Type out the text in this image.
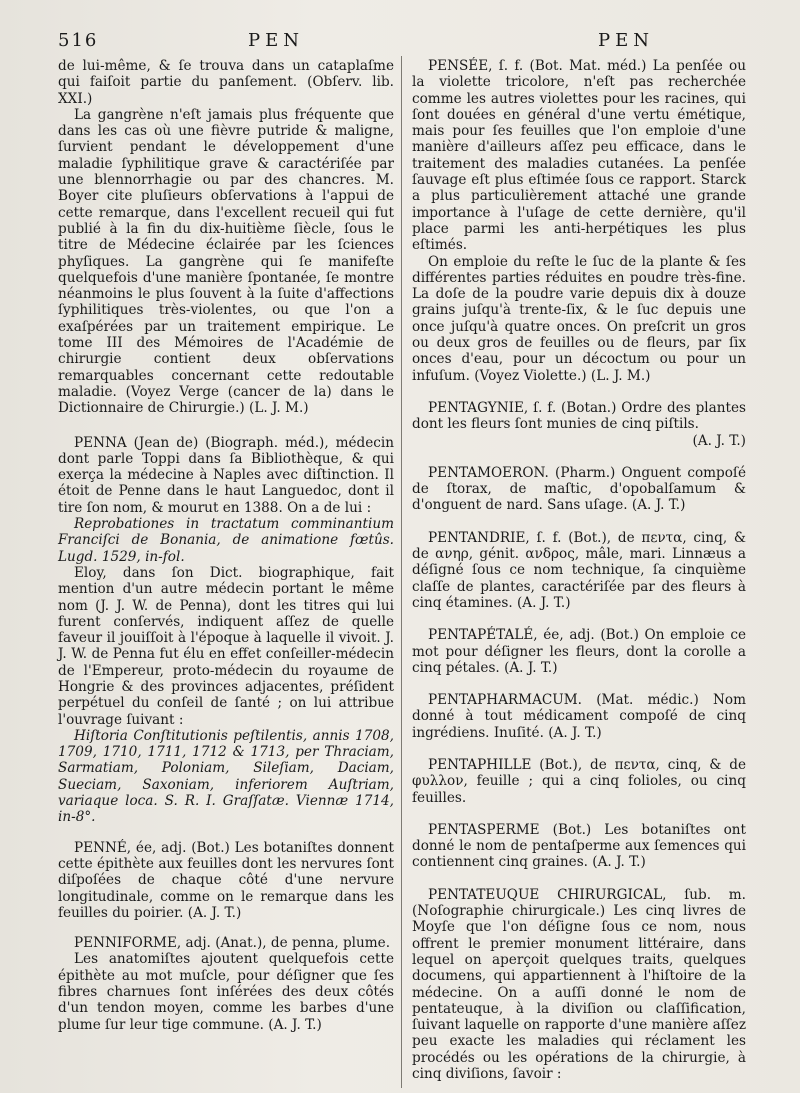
516	PEN	PEN

de lui-même, & ſe trouva dans un cataplaſme qui faiſoit partie du panſement. (Obſerv. lib. XXI.)

La gangrène n'eſt jamais plus fréquente que dans les cas où une fièvre putride & maligne, ſurvient pendant le développement d'une maladie ſyphilitique grave & caractériſée par une blennorrhagie ou par des chancres. M. Boyer cite pluſieurs obſervations à l'appui de cette remarque, dans l'excellent recueil qui fut publié à la fin du dix-huitième ſiècle, ſous le titre de Médecine éclairée par les ſciences phyſiques. La gangrène qui ſe manifeſte quelquefois d'une manière ſpontanée, ſe montre néanmoins le plus ſouvent à la ſuite d'affections ſyphilitiques très-violentes, ou que l'on a exaſpérées par un traitement empirique. Le tome III des Mémoires de l'Académie de chirurgie contient deux obſervations remarquables concernant cette redoutable maladie. (Voyez Verge (cancer de la) dans le Dictionnaire de Chirurgie.) (L. J. M.)

PENNA (Jean de) (Biograph. méd.), médecin dont parle Toppi dans ſa Bibliothèque, & qui exerça la médecine à Naples avec diſtinction. Il étoit de Penne dans le haut Languedoc, dont il tire ſon nom, & mourut en 1388. On a de lui :

Reprobationes in tractatum comminantium Franciſci de Bonania, de animatione fœtûs. Lugd. 1529, in-fol.

Eloy, dans ſon Dict. biographique, fait mention d'un autre médecin portant le même nom (J. J. W. de Penna), dont les titres qui lui furent conſervés, indiquent aſſez de quelle faveur il jouiſſoit à l'époque à laquelle il vivoit. J. J. W. de Penna fut élu en effet conſeiller-médecin de l'Empereur, proto-médecin du royaume de Hongrie & des provinces adjacentes, préſident perpétuel du conſeil de ſanté ; on lui attribue l'ouvrage ſuivant :

Hiſtoria Conſtitutionis peſtilentis, annis 1708, 1709, 1710, 1711, 1712 & 1713, per Thraciam, Sarmatiam, Poloniam, Sileſiam, Daciam, Sueciam, Saxoniam, inferiorem Auſtriam, variaque loca. S. R. I. Graſſatæ. Viennæ 1714, in-8°.

PENNÉ, ée, adj. (Bot.) Les botaniſtes donnent cette épithète aux feuilles dont les nervures ſont diſpoſées de chaque côté d'une nervure longitudinale, comme on le remarque dans les feuilles du poirier. (A. J. T.)

PENNIFORME, adj. (Anat.), de penna, plume.

Les anatomiſtes ajoutent quelquefois cette épithète au mot muſcle, pour déſigner que ſes fibres charnues ſont inſérées des deux côtés d'un tendon moyen, comme les barbes d'une plume ſur leur tige commune. (A. J. T.)

PENSÉE, ſ. f. (Bot. Mat. méd.) La penſée ou la violette tricolore, n'eſt pas recherchée comme les autres violettes pour les racines, qui ſont douées en général d'une vertu émétique, mais pour ſes feuilles que l'on emploie d'une manière d'ailleurs aſſez peu efficace, dans le traitement des maladies cutanées. La penſée ſauvage eſt plus eſtimée ſous ce rapport. Starck a plus particulièrement attaché une grande importance à l'uſage de cette dernière, qu'il place parmi les anti-herpétiques les plus eſtimés.

On emploie du reſte le ſuc de la plante & ſes différentes parties réduites en poudre très-fine. La doſe de la poudre varie depuis dix à douze grains juſqu'à trente-ſix, & le ſuc depuis une once juſqu'à quatre onces. On preſcrit un gros ou deux gros de feuilles ou de fleurs, par ſix onces d'eau, pour un décoctum ou pour un infuſum. (Voyez Violette.) (L. J. M.)

PENTAGYNIE, ſ. f. (Botan.) Ordre des plantes dont les fleurs ſont munies de cinq piſtils.

(A. J. T.)

PENTAMOERON. (Pharm.) Onguent compoſé de ſtorax, de maſtic, d'opobalſamum & d'onguent de nard. Sans uſage. (A. J. T.)

PENTANDRIE, ſ. f. (Bot.), de πεντα, cinq, & de ανηρ, génit. ανδρος, mâle, mari. Linnæus a déſigné ſous ce nom technique, ſa cinquième claſſe de plantes, caractériſée par des fleurs à cinq étamines. (A. J. T.)

PENTAPÉTALÉ, ée, adj. (Bot.) On emploie ce mot pour déſigner les fleurs, dont la corolle a cinq pétales. (A. J. T.)

PENTAPHARMACUM. (Mat. médic.) Nom donné à tout médicament compoſé de cinq ingrédiens. Inuſité. (A. J. T.)

PENTAPHILLE (Bot.), de πεντα, cinq, & de φυλλον, feuille ; qui a cinq folioles, ou cinq feuilles.

PENTASPERME (Bot.) Les botaniſtes ont donné le nom de pentaſperme aux ſemences qui contiennent cinq graines. (A. J. T.)

PENTATEUQUE CHIRURGICAL, ſub. m. (Noſographie chirurgicale.) Les cinq livres de Moyſe que l'on déſigne ſous ce nom, nous offrent le premier monument littéraire, dans lequel on aperçoit quelques traits, quelques documens, qui appartiennent à l'hiſtoire de la médecine. On a auſſi donné le nom de pentateuque, à la diviſion ou claſſification, ſuivant laquelle on rapporte d'une manière aſſez peu exacte les maladies qui réclament les procédés ou les opérations de la chirurgie, à cinq diviſions, ſavoir :
